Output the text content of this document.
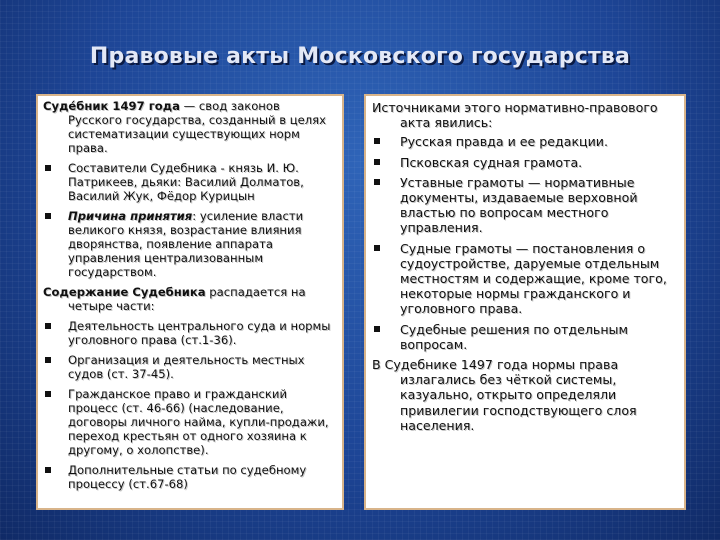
Правовые акты Московского государства

Суде́бник 1497 года — свод законов Русского государства, созданный в целях систематизации существующих норм права.

Составители Судебника - князь И. Ю. Патрикеев, дьяки: Василий Долматов, Василий Жук, Фёдор Курицын
Причина принятия: усиление власти великого князя, возрастание влияния дворянства, появление аппарата управления централизованным государством.

Содержание Судебника распадается на четыре части:

Деятельность центрального суда и нормы уголовного права (ст.1-36).
Организация и деятельность местных судов (ст. 37-45).
Гражданское право и гражданский процесс (ст. 46-66) (наследование, договоры личного найма, купли-продажи, переход крестьян от одного хозяина к другому, о холопстве).
Дополнительные статьи по судебному процессу (ст.67-68)

Источниками этого нормативно-правового акта явились:

Русская правда и ее редакции.
Псковская судная грамота.
Уставные грамоты — нормативные документы, издаваемые верховной властью по вопросам местного управления.
Судные грамоты — постановления о судоустройстве, даруемые отдельным местностям и содержащие, кроме того, некоторые нормы гражданского и уголовного права.
Судебные решения по отдельным вопросам.

В Судебнике 1497 года нормы права излагались без чёткой системы, казуально, открыто определяли привилегии господствующего слоя населения.
